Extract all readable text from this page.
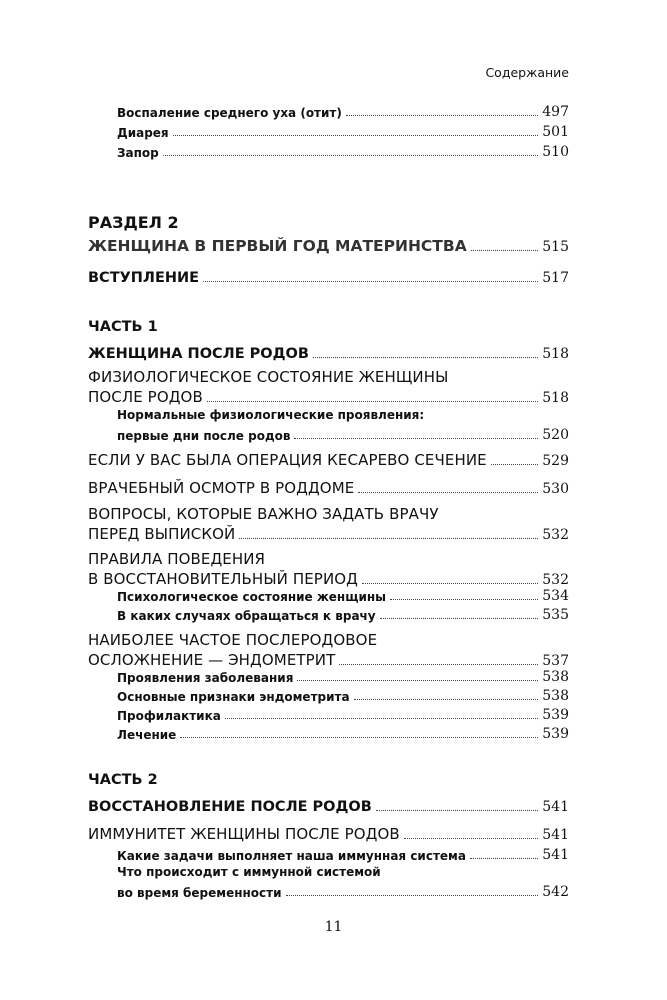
Содержание
Воспаление среднего уха (отит)	497
Диарея	501
Запор	510
РАЗДЕЛ 2
ЖЕНЩИНА В ПЕРВЫЙ ГОД МАТЕРИНСТВА	515
ВСТУПЛЕНИЕ	517
ЧАСТЬ 1
ЖЕНЩИНА ПОСЛЕ РОДОВ	518
ФИЗИОЛОГИЧЕСКОЕ СОСТОЯНИЕ ЖЕНЩИНЫ
ПОСЛЕ РОДОВ	518
Нормальные физиологические проявления:
первые дни после родов	520
ЕСЛИ У ВАС БЫЛА ОПЕРАЦИЯ КЕСАРЕВО СЕЧЕНИЕ	529
ВРАЧЕБНЫЙ ОСМОТР В РОДДОМЕ	530
ВОПРОСЫ, КОТОРЫЕ ВАЖНО ЗАДАТЬ ВРАЧУ
ПЕРЕД ВЫПИСКОЙ	532
ПРАВИЛА ПОВЕДЕНИЯ
В ВОССТАНОВИТЕЛЬНЫЙ ПЕРИОД	532
Психологическое состояние женщины	534
В каких случаях обращаться к врачу	535
НАИБОЛЕЕ ЧАСТОЕ ПОСЛЕРОДОВОЕ
ОСЛОЖНЕНИЕ — ЭНДОМЕТРИТ	537
Проявления заболевания	538
Основные признаки эндометрита	538
Профилактика	539
Лечение	539
ЧАСТЬ 2
ВОССТАНОВЛЕНИЕ ПОСЛЕ РОДОВ	541
ИММУНИТЕТ ЖЕНЩИНЫ ПОСЛЕ РОДОВ	541
Какие задачи выполняет наша иммунная система	541
Что происходит с иммунной системой
во время беременности	542
11
